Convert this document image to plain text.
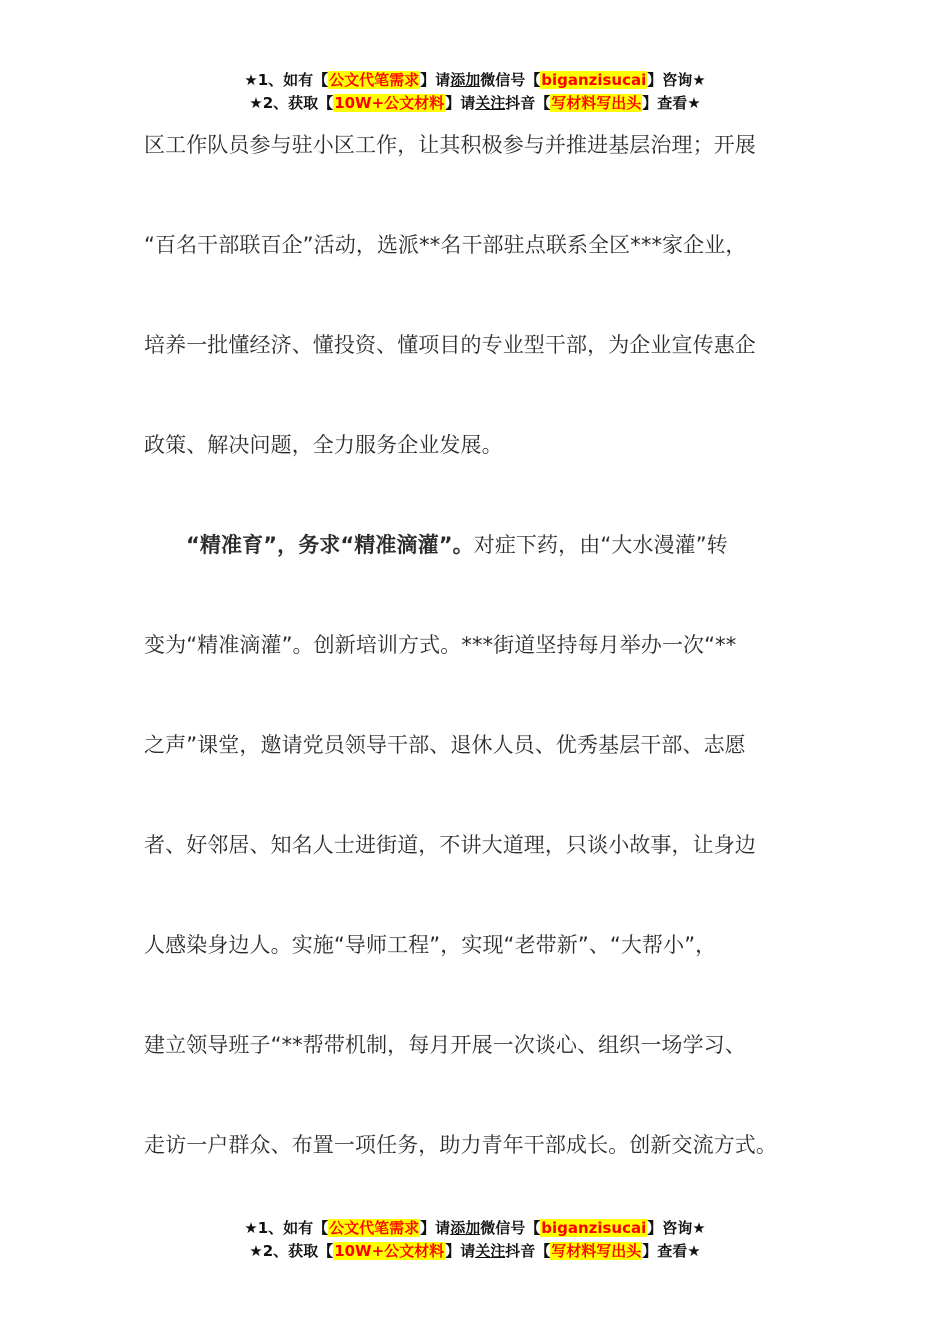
★1、如有【公文代笔需求】请添加微信号【biganzisucai】咨询★
★2、获取【10W+公文材料】请关注抖音【写材料写出头】查看★
区工作队员参与驻小区工作，让其积极参与并推进基层治理；开展
“百名干部联百企”活动，选派**名干部驻点联系全区***家企业，
培养一批懂经济、懂投资、懂项目的专业型干部，为企业宣传惠企
政策、解决问题，全力服务企业发展。
“精准育”，务求“精准滴灌”。对症下药，由“大水漫灌”转
变为“精准滴灌”。创新培训方式。***街道坚持每月举办一次“**
之声”课堂，邀请党员领导干部、退休人员、优秀基层干部、志愿
者、好邻居、知名人士进街道，不讲大道理，只谈小故事，让身边
人感染身边人。实施“导师工程”，实现“老带新”、“大帮小”，
建立领导班子“**帮带机制，每月开展一次谈心、组织一场学习、
走访一户群众、布置一项任务，助力青年干部成长。创新交流方式。
★1、如有【公文代笔需求】请添加微信号【biganzisucai】咨询★
★2、获取【10W+公文材料】请关注抖音【写材料写出头】查看★
